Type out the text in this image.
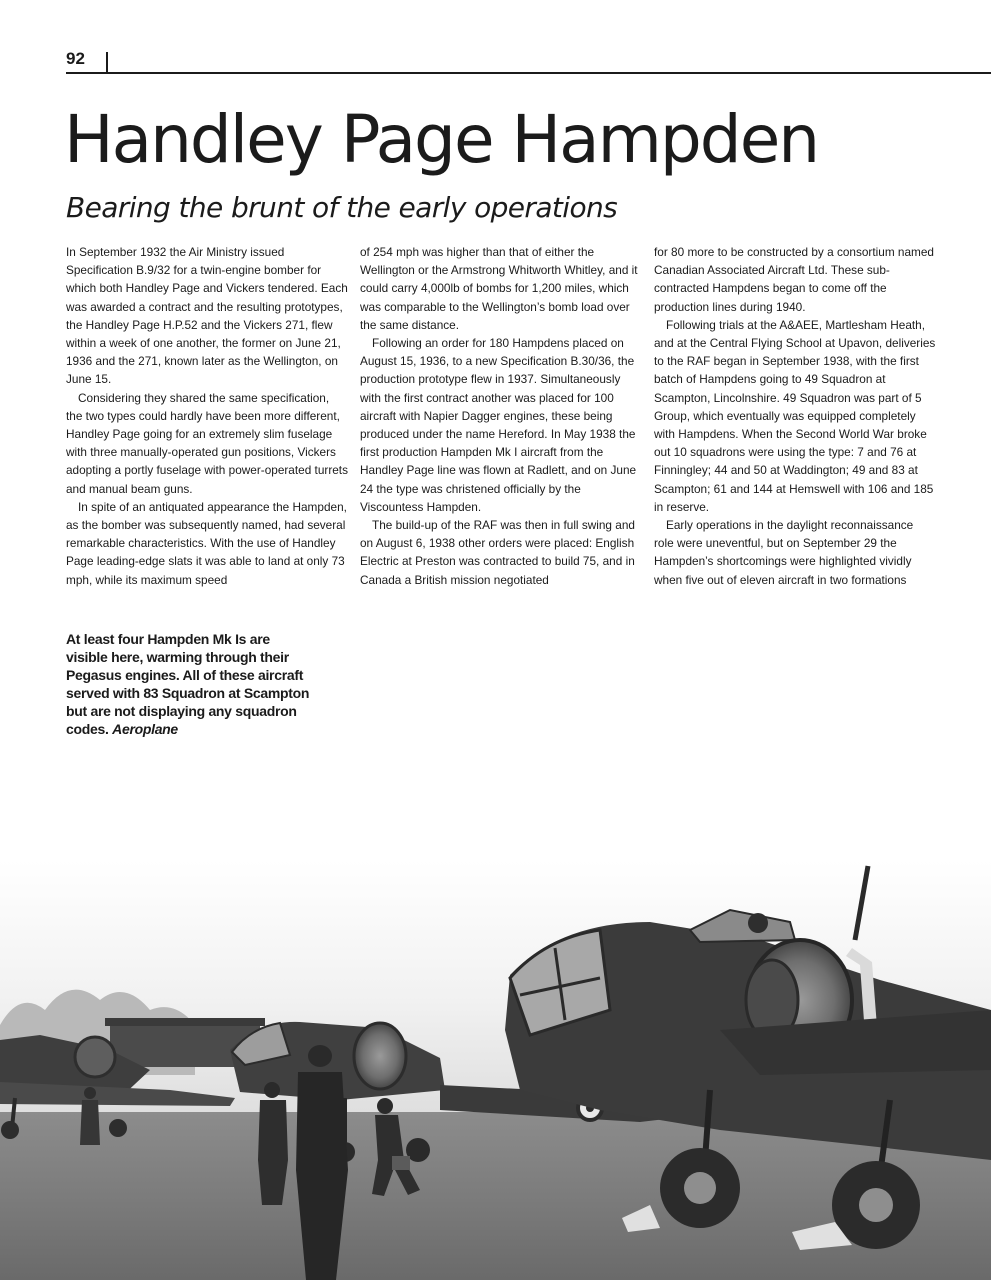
92
Handley Page Hampden
Bearing the brunt of the early operations

In September 1932 the Air Ministry issued Specification B.9/32 for a twin-engine bomber for which both Handley Page and Vickers tendered. Each was awarded a contract and the resulting prototypes, the Handley Page H.P.52 and the Vickers 271, flew within a week of one another, the former on June 21, 1936 and the 271, known later as the Wellington, on June 15.

Considering they shared the same specification, the two types could hardly have been more different, Handley Page going for an extremely slim fuselage with three manually-operated gun positions, Vickers adopting a portly fuselage with power-operated turrets and manual beam guns.

In spite of an antiquated appearance the Hampden, as the bomber was subsequently named, had several remarkable characteristics. With the use of Handley Page leading-edge slats it was able to land at only 73 mph, while its maximum speed

of 254 mph was higher than that of either the Wellington or the Armstrong Whitworth Whitley, and it could carry 4,000lb of bombs for 1,200 miles, which was comparable to the Wellington’s bomb load over the same distance.

Following an order for 180 Hampdens placed on August 15, 1936, to a new Specification B.30/36, the production prototype flew in 1937. Simultaneously with the first contract another was placed for 100 aircraft with Napier Dagger engines, these being produced under the name Hereford. In May 1938 the first production Hampden Mk I aircraft from the Handley Page line was flown at Radlett, and on June 24 the type was christened officially by the Viscountess Hampden.

The build-up of the RAF was then in full swing and on August 6, 1938 other orders were placed: English Electric at Preston was contracted to build 75, and in Canada a British mission negotiated

for 80 more to be constructed by a consortium named Canadian Associated Aircraft Ltd. These sub-contracted Hampdens began to come off the production lines during 1940.

Following trials at the A&AEE, Martlesham Heath, and at the Central Flying School at Upavon, deliveries to the RAF began in September 1938, with the first batch of Hampdens going to 49 Squadron at Scampton, Lincolnshire. 49 Squadron was part of 5 Group, which eventually was equipped completely with Hampdens. When the Second World War broke out 10 squadrons were using the type: 7 and 76 at Finningley; 44 and 50 at Waddington; 49 and 83 at Scampton; 61 and 144 at Hemswell with 106 and 185 in reserve.

Early operations in the daylight reconnaissance role were uneventful, but on September 29 the Hampden’s shortcomings were highlighted vividly when five out of eleven aircraft in two formations

At least four Hampden Mk Is are visible here, warming through their Pegasus engines. All of these aircraft served with 83 Squadron at Scampton but are not displaying any squadron codes. Aeroplane
